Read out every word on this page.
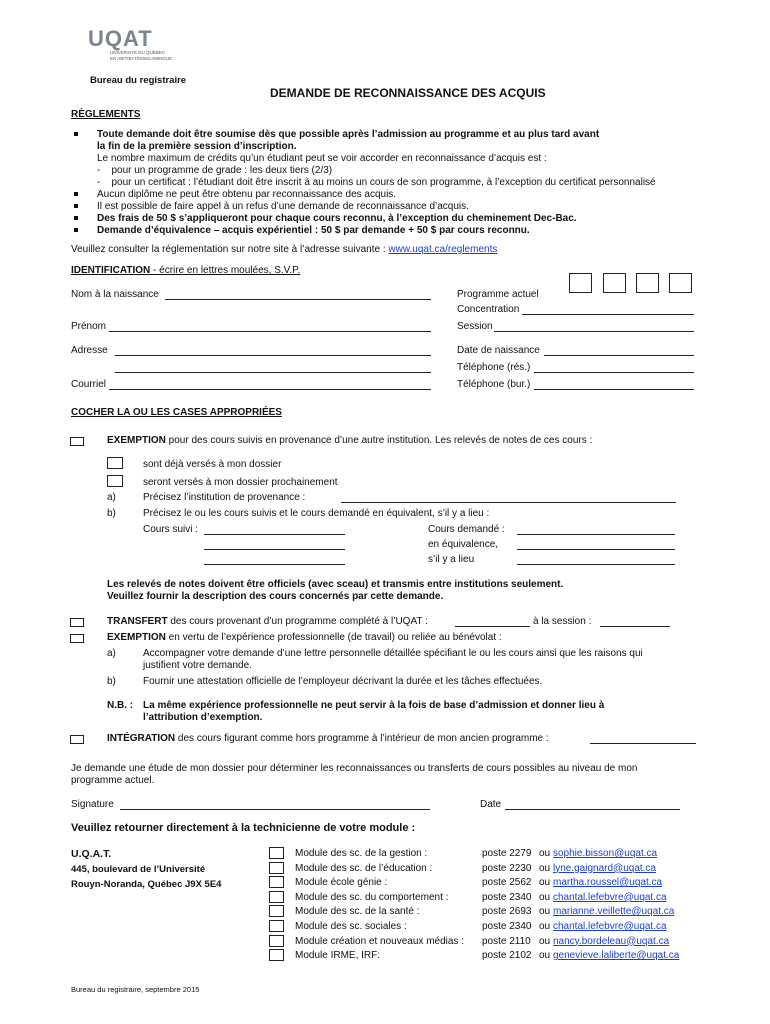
UQAT
UNIVERSITÉ DU QUÉBEC
EN ABITIBI-TÉMISCAMINGUE
Bureau du registraire
DEMANDE DE RECONNAISSANCE DES ACQUIS
RÈGLEMENTS
Toute demande doit être soumise dès que possible après l’admission au programme et au plus tard avant
la fin de la première session d’inscription.
Le nombre maximum de crédits qu’un étudiant peut se voir accorder en reconnaissance d’acquis est :
-    pour un programme de grade : les deux tiers (2/3)
-    pour un certificat : l’étudiant doit être inscrit à au moins un cours de son programme, à l’exception du certificat personnalisé
Aucun diplôme ne peut être obtenu par reconnaissance des acquis.
Il est possible de faire appel à un refus d’une demande de reconnaissance d’acquis.
Des frais de 50 $ s’appliqueront pour chaque cours reconnu, à l’exception du cheminement Dec-Bac.
Demande d’équivalence – acquis expérientiel : 50 $ par demande + 50 $ par cours reconnu.
Veuillez consulter la réglementation sur notre site à l’adresse suivante : www.uqat.ca/reglements
IDENTIFICATION - écrire en lettres moulées, S.V.P.
Nom à la naissance	Programme actuel
Concentration
Prénom	Session
Adresse	Date de naissance
Téléphone (rés.)
Courriel	Téléphone (bur.)
COCHER LA OU LES CASES APPROPRIÉES
EXEMPTION pour des cours suivis en provenance d’une autre institution. Les relevés de notes de ces cours :
sont déjà versés à mon dossier
seront versés à mon dossier prochainement
a)	Précisez l’institution de provenance :
b)	Précisez le ou les cours suivis et le cours demandé en équivalent, s’il y a lieu :
Cours suivi :	Cours demandé :
en équivalence,
s’il y a lieu
Les relevés de notes doivent être officiels (avec sceau) et transmis entre institutions seulement.
Veuillez fournir la description des cours concernés par cette demande.
TRANSFERT des cours provenant d’un programme complété à l’UQAT :	à la session :
EXEMPTION en vertu de l’expérience professionnelle (de travail) ou reliée au bénévolat :
a)	Accompagner votre demande d’une lettre personnelle détaillée spécifiant le ou les cours ainsi que les raisons qui
justifient votre demande.
b)	Fournir une attestation officielle de l’employeur décrivant la durée et les tâches effectuées.
N.B. : La même expérience professionnelle ne peut servir à la fois de base d’admission et donner lieu à
l’attribution d’exemption.
INTÉGRATION des cours figurant comme hors programme à l’intérieur de mon ancien programme :
Je demande une étude de mon dossier pour déterminer les reconnaissances ou transferts de cours possibles au niveau de mon
programme actuel.
Signature	Date
Veuillez retourner directement à la technicienne de votre module :
U.Q.A.T.
445, boulevard de l’Université
Rouyn-Noranda, Québec J9X 5E4
Module des sc. de la gestion :	poste 2279 ou sophie.bisson@uqat.ca
Module des sc. de l’éducation :	poste 2230 ou lyne.gaignard@uqat.ca
Module école génie :	poste 2562 ou martha.roussel@uqat.ca
Module des sc. du comportement :	poste 2340 ou chantal.lefebvre@uqat.ca
Module des sc. de la santé :	poste 2693 ou marianne.veillette@uqat.ca
Module des sc. sociales :	poste 2340 ou chantal.lefebvre@uqat.ca
Module création et nouveaux médias : poste 2110 ou nancy.bordeleau@uqat.ca
Module IRME, IRF:	poste 2102 ou genevieve.laliberte@uqat.ca
Bureau du registraire, septembre 2015
